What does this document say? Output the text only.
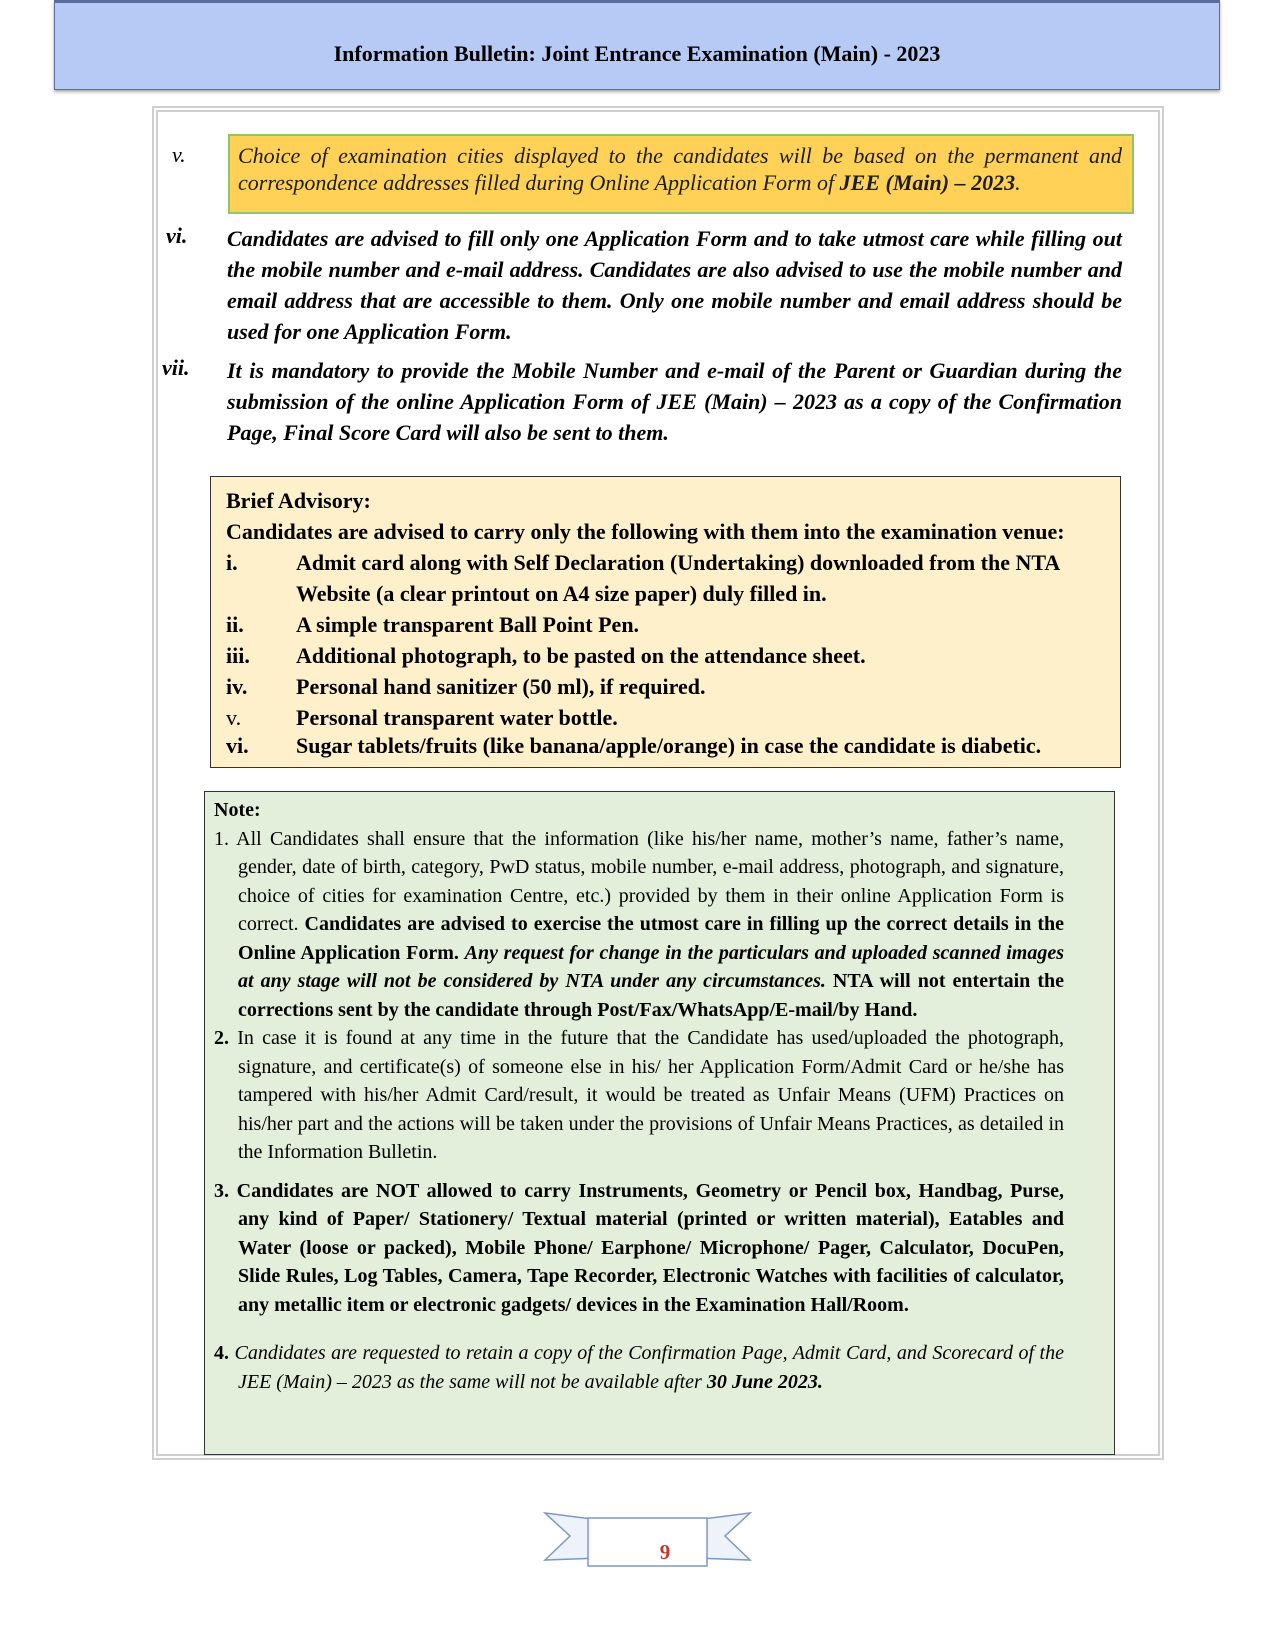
Information Bulletin: Joint Entrance Examination (Main) - 2023
v.	Choice of examination cities displayed to the candidates will be based on the permanent and correspondence addresses filled during Online Application Form of JEE (Main) – 2023.
vi. Candidates are advised to fill only one Application Form and to take utmost care while filling out the mobile number and e-mail address. Candidates are also advised to use the mobile number and email address that are accessible to them. Only one mobile number and email address should be used for one Application Form.
vii. It is mandatory to provide the Mobile Number and e-mail of the Parent or Guardian during the submission of the online Application Form of JEE (Main) – 2023 as a copy of the Confirmation Page, Final Score Card will also be sent to them.
Brief Advisory:
Candidates are advised to carry only the following with them into the examination venue:
i.	Admit card along with Self Declaration (Undertaking) downloaded from the NTA Website (a clear printout on A4 size paper) duly filled in.
ii.	A simple transparent Ball Point Pen.
iii.	Additional photograph, to be pasted on the attendance sheet.
iv.	Personal hand sanitizer (50 ml), if required.
v.	Personal transparent water bottle.
vi.	Sugar tablets/fruits (like banana/apple/orange) in case the candidate is diabetic.
Note:
1. All Candidates shall ensure that the information (like his/her name, mother’s name, father’s name, gender, date of birth, category, PwD status, mobile number, e-mail address, photograph, and signature, choice of cities for examination Centre, etc.) provided by them in their online Application Form is correct. Candidates are advised to exercise the utmost care in filling up the correct details in the Online Application Form. Any request for change in the particulars and uploaded scanned images at any stage will not be considered by NTA under any circumstances. NTA will not entertain the corrections sent by the candidate through Post/Fax/WhatsApp/E-mail/by Hand.
2. In case it is found at any time in the future that the Candidate has used/uploaded the photograph, signature, and certificate(s) of someone else in his/ her Application Form/Admit Card or he/she has tampered with his/her Admit Card/result, it would be treated as Unfair Means (UFM) Practices on his/her part and the actions will be taken under the provisions of Unfair Means Practices, as detailed in the Information Bulletin.
3. Candidates are NOT allowed to carry Instruments, Geometry or Pencil box, Handbag, Purse, any kind of Paper/ Stationery/ Textual material (printed or written material), Eatables and Water (loose or packed), Mobile Phone/ Earphone/ Microphone/ Pager, Calculator, DocuPen, Slide Rules, Log Tables, Camera, Tape Recorder, Electronic Watches with facilities of calculator, any metallic item or electronic gadgets/ devices in the Examination Hall/Room.
4. Candidates are requested to retain a copy of the Confirmation Page, Admit Card, and Scorecard of the JEE (Main) – 2023 as the same will not be available after 30 June 2023.
9
